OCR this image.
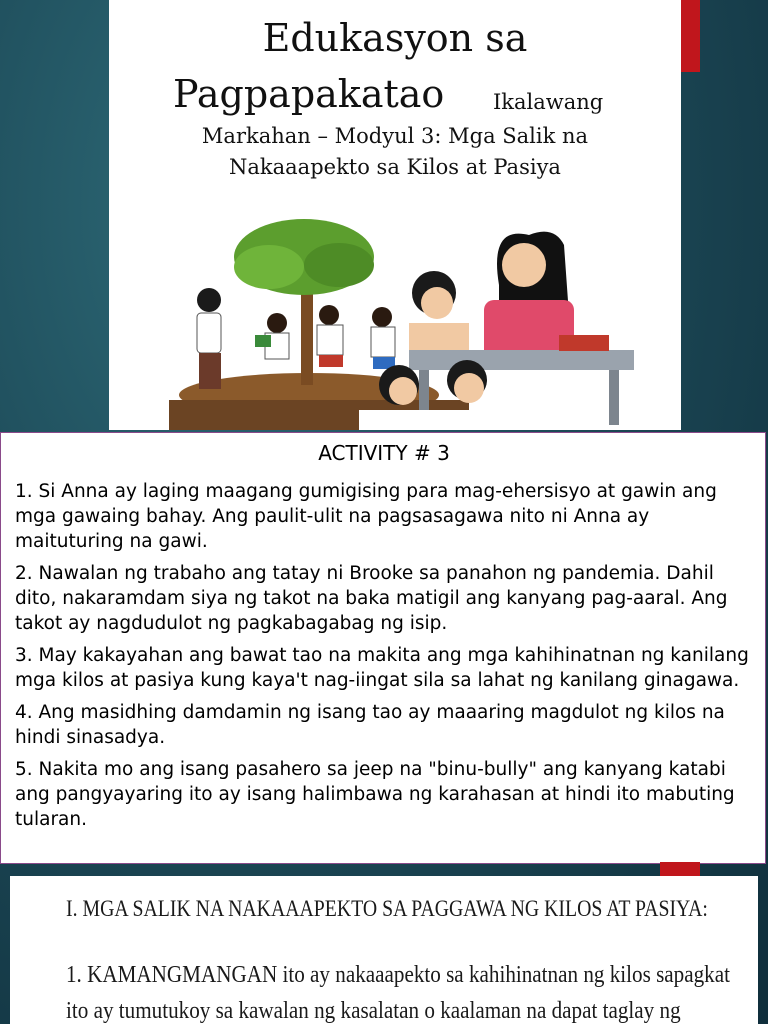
Edukasyon sa
Pagpapakatao Ikalawang
Markahan – Modyul 3: Mga Salik na
Nakaaapekto sa Kilos at Pasiya
ACTIVITY # 3
1. Si Anna ay laging maagang gumigising para mag-ehersisyo at gawin ang mga gawaing bahay. Ang paulit-ulit na pagsasagawa nito ni Anna ay maituturing na gawi.
2. Nawalan ng trabaho ang tatay ni Brooke sa panahon ng pandemia. Dahil dito, nakaramdam siya ng takot na baka matigil ang kanyang pag-aaral. Ang takot ay nagdudulot ng pagkabagabag ng isip.
3. May kakayahan ang bawat tao na makita ang mga kahihinatnan ng kanilang mga kilos at pasiya kung kaya't nag-iingat sila sa lahat ng kanilang ginagawa.
4. Ang masidhing damdamin ng isang tao ay maaaring magdulot ng kilos na hindi sinasadya.
5. Nakita mo ang isang pasahero sa jeep na "binu-bully" ang kanyang katabi ang pangyayaring ito ay isang halimbawa ng karahasan at hindi ito mabuting tularan.
I. MGA SALIK NA NAKAAAPEKTO SA PAGGAWA NG KILOS AT PASIYA:
1. KAMANGMANGAN ito ay nakaaapekto sa kahihinatnan ng kilos sapagkat
ito ay tumutukoy sa kawalan ng kasalatan o kaalaman na dapat taglay ng
